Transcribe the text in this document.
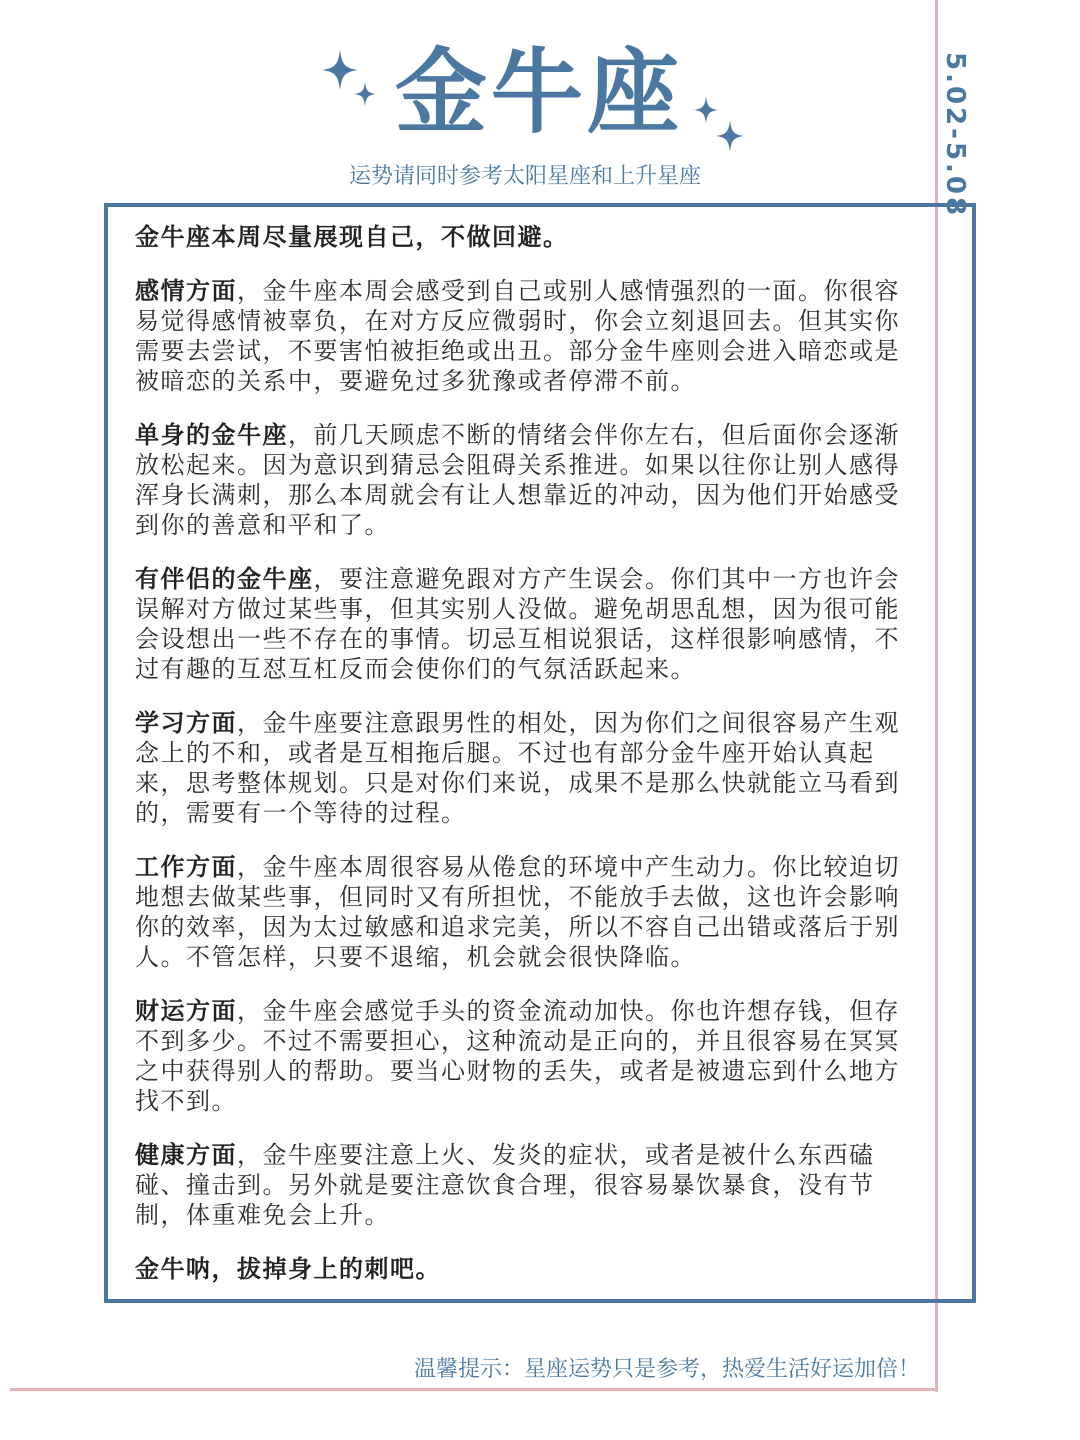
金牛座
运势请同时参考太阳星座和上升星座	5.02-5.08

金牛座本周尽量展现自己，不做回避。

感情方面，金牛座本周会感受到自己或别人感情强烈的一面。你很容易觉得感情被辜负，在对方反应微弱时，你会立刻退回去。但其实你需要去尝试，不要害怕被拒绝或出丑。部分金牛座则会进入暗恋或是被暗恋的关系中，要避免过多犹豫或者停滞不前。

单身的金牛座，前几天顾虑不断的情绪会伴你左右，但后面你会逐渐放松起来。因为意识到猜忌会阻碍关系推进。如果以往你让别人感得浑身长满刺，那么本周就会有让人想靠近的冲动，因为他们开始感受到你的善意和平和了。

有伴侣的金牛座，要注意避免跟对方产生误会。你们其中一方也许会误解对方做过某些事，但其实别人没做。避免胡思乱想，因为很可能会设想出一些不存在的事情。切忌互相说狠话，这样很影响感情，不过有趣的互怼互杠反而会使你们的气氛活跃起来。

学习方面，金牛座要注意跟男性的相处，因为你们之间很容易产生观念上的不和，或者是互相拖后腿。不过也有部分金牛座开始认真起来，思考整体规划。只是对你们来说，成果不是那么快就能立马看到的，需要有一个等待的过程。

工作方面，金牛座本周很容易从倦怠的环境中产生动力。你比较迫切地想去做某些事，但同时又有所担忧，不能放手去做，这也许会影响你的效率，因为太过敏感和追求完美，所以不容自己出错或落后于别人。不管怎样，只要不退缩，机会就会很快降临。

财运方面，金牛座会感觉手头的资金流动加快。你也许想存钱，但存不到多少。不过不需要担心，这种流动是正向的，并且很容易在冥冥之中获得别人的帮助。要当心财物的丢失，或者是被遗忘到什么地方找不到。

健康方面，金牛座要注意上火、发炎的症状，或者是被什么东西磕碰、撞击到。另外就是要注意饮食合理，很容易暴饮暴食，没有节制，体重难免会上升。

金牛呐，拔掉身上的刺吧。

温馨提示：星座运势只是参考，热爱生活好运加倍！
